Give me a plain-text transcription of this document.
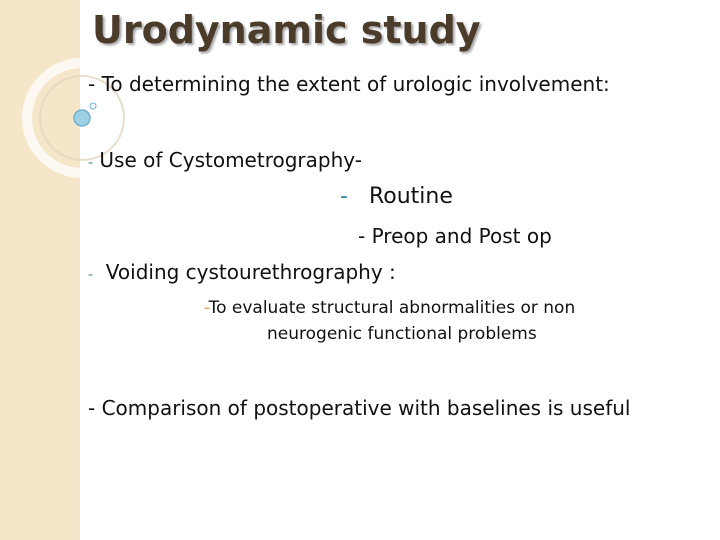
Urodynamic study
- To determining the extent of urologic involvement:
- Use of Cystometrography-
- Routine
- Preop and Post op
- Voiding cystourethrography :
-To evaluate structural abnormalities or non
neurogenic functional problems
- Comparison of postoperative with baselines is useful
